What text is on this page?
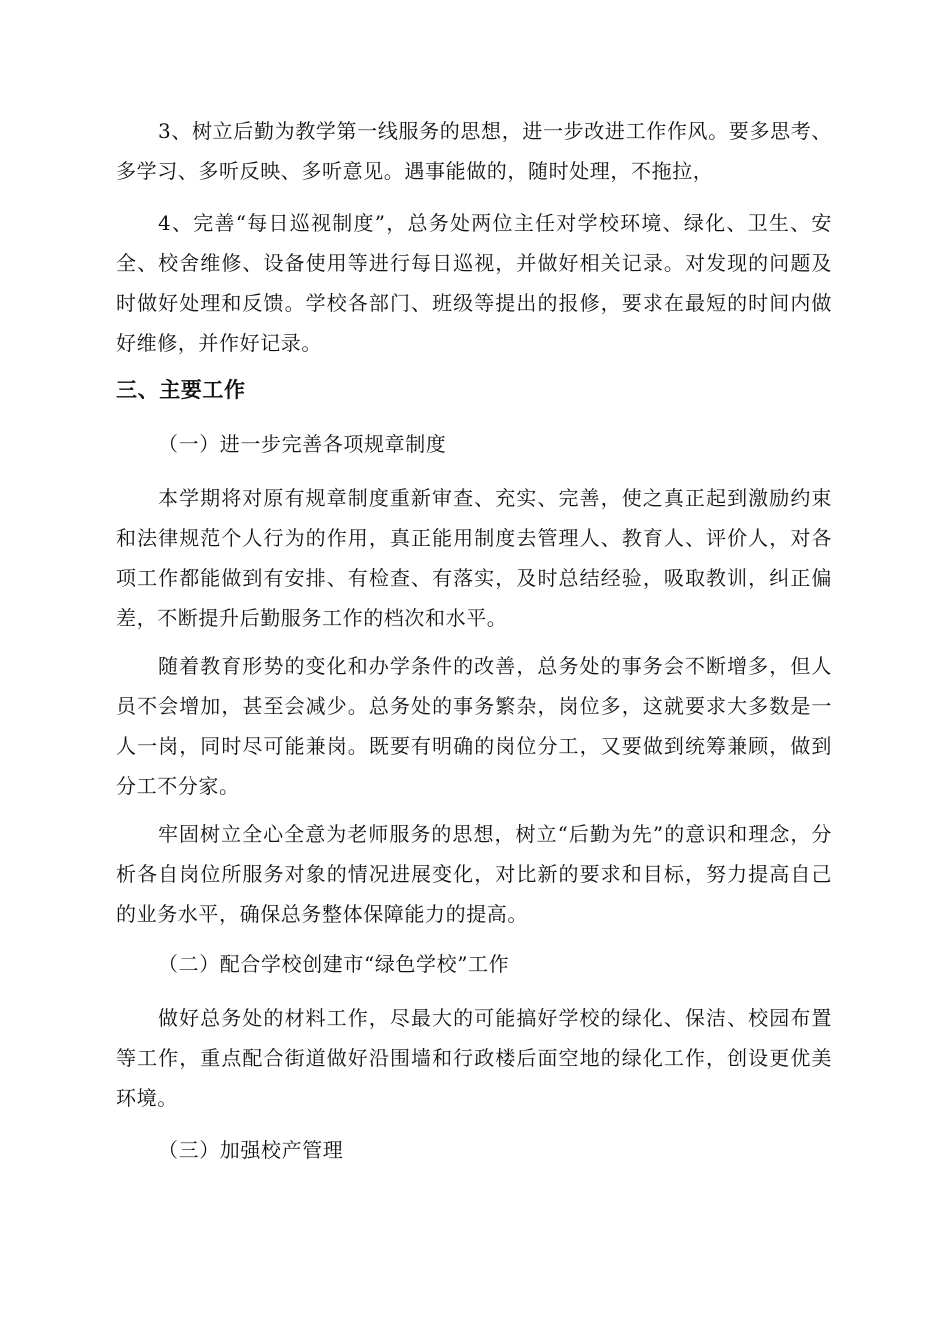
3、树立后勤为教学第一线服务的思想，进一步改进工作作风。要多思考、多学习、多听反映、多听意见。遇事能做的，随时处理，不拖拉，

4、完善“每日巡视制度”，总务处两位主任对学校环境、绿化、卫生、安全、校舍维修、设备使用等进行每日巡视，并做好相关记录。对发现的问题及时做好处理和反馈。学校各部门、班级等提出的报修，要求在最短的时间内做好维修，并作好记录。

三、主要工作

（一）进一步完善各项规章制度

本学期将对原有规章制度重新审查、充实、完善，使之真正起到激励约束和法律规范个人行为的作用，真正能用制度去管理人、教育人、评价人，对各项工作都能做到有安排、有检查、有落实，及时总结经验，吸取教训，纠正偏差，不断提升后勤服务工作的档次和水平。

随着教育形势的变化和办学条件的改善，总务处的事务会不断增多，但人员不会增加，甚至会减少。总务处的事务繁杂，岗位多，这就要求大多数是一人一岗，同时尽可能兼岗。既要有明确的岗位分工，又要做到统筹兼顾，做到分工不分家。

牢固树立全心全意为老师服务的思想，树立“后勤为先”的意识和理念，分析各自岗位所服务对象的情况进展变化，对比新的要求和目标，努力提高自己的业务水平，确保总务整体保障能力的提高。

（二）配合学校创建市“绿色学校”工作

做好总务处的材料工作，尽最大的可能搞好学校的绿化、保洁、校园布置等工作，重点配合街道做好沿围墙和行政楼后面空地的绿化工作，创设更优美环境。

（三）加强校产管理
